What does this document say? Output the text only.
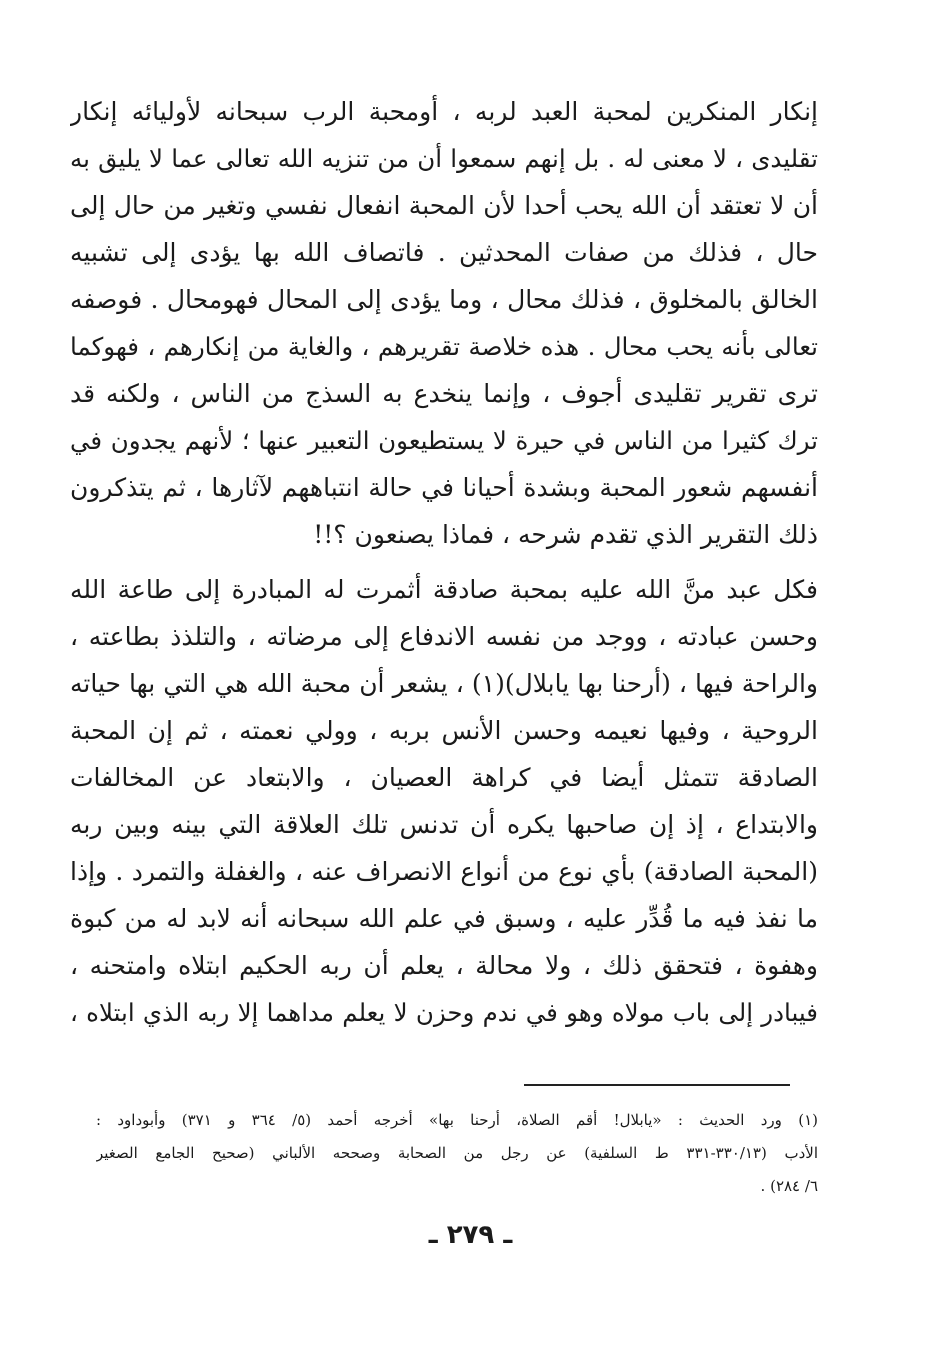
إنكار المنكرين لمحبة العبد لربه ، أومحبة الرب سبحانه لأوليائه إنكار
تقليدى ، لا معنى له . بل إنهم سمعوا أن من تنزيه الله تعالى عما لا يليق به
أن لا تعتقد أن الله يحب أحدا لأن المحبة انفعال نفسي وتغير من حال إلى
حال ، فذلك من صفات المحدثين . فاتصاف الله بها يؤدى إلى تشبيه
الخالق بالمخلوق ، فذلك محال ، وما يؤدى إلى المحال فهومحال . فوصفه
تعالى بأنه يحب محال . هذه خلاصة تقريرهم ، والغاية من إنكارهم ، فهوكما
ترى تقرير تقليدى أجوف ، وإنما ينخدع به السذج من الناس ، ولكنه قد
ترك كثيرا من الناس في حيرة لا يستطيعون التعبير عنها ؛ لأنهم يجدون في
أنفسهم شعور المحبة وبشدة أحيانا في حالة انتباههم لآثارها ، ثم يتذكرون
ذلك التقرير الذي تقدم شرحه ، فماذا يصنعون ؟!!
فكل عبد منَّ الله عليه بمحبة صادقة أثمرت له المبادرة إلى طاعة الله
وحسن عبادته ، ووجد من نفسه الاندفاع إلى مرضاته ، والتلذذ بطاعته ،
والراحة فيها ، (أرحنا بها يابلال)(١) ، يشعر أن محبة الله هي التي بها حياته
الروحية ، وفيها نعيمه وحسن الأنس بربه ، وولي نعمته ، ثم إن المحبة
الصادقة تتمثل أيضا في كراهة العصيان ، والابتعاد عن المخالفات
والابتداع ، إذ إن صاحبها يكره أن تدنس تلك العلاقة التي بينه وبين ربه
(المحبة الصادقة) بأي نوع من أنواع الانصراف عنه ، والغفلة والتمرد . وإذا
ما نفذ فيه ما قُدِّر عليه ، وسبق في علم الله سبحانه أنه لابد له من كبوة
وهفوة ، فتحقق ذلك ، ولا محالة ، يعلم أن ربه الحكيم ابتلاه وامتحنه ،
فيبادر إلى باب مولاه وهو في ندم وحزن لا يعلم مداهما إلا ربه الذي ابتلاه ،
(١) ورد الحديث : «يابلال! أقم الصلاة، أرحنا بها» أخرجه أحمد (٥/ ٣٦٤ و ٣٧١) وأبوداود :
الأدب (٣٣٠/١٣-٣٣١ ط السلفية) عن رجل من الصحابة وصححه الألباني (صحيح الجامع الصغير
٦/ ٢٨٤) .
ـ ٢٧٩ ـ
